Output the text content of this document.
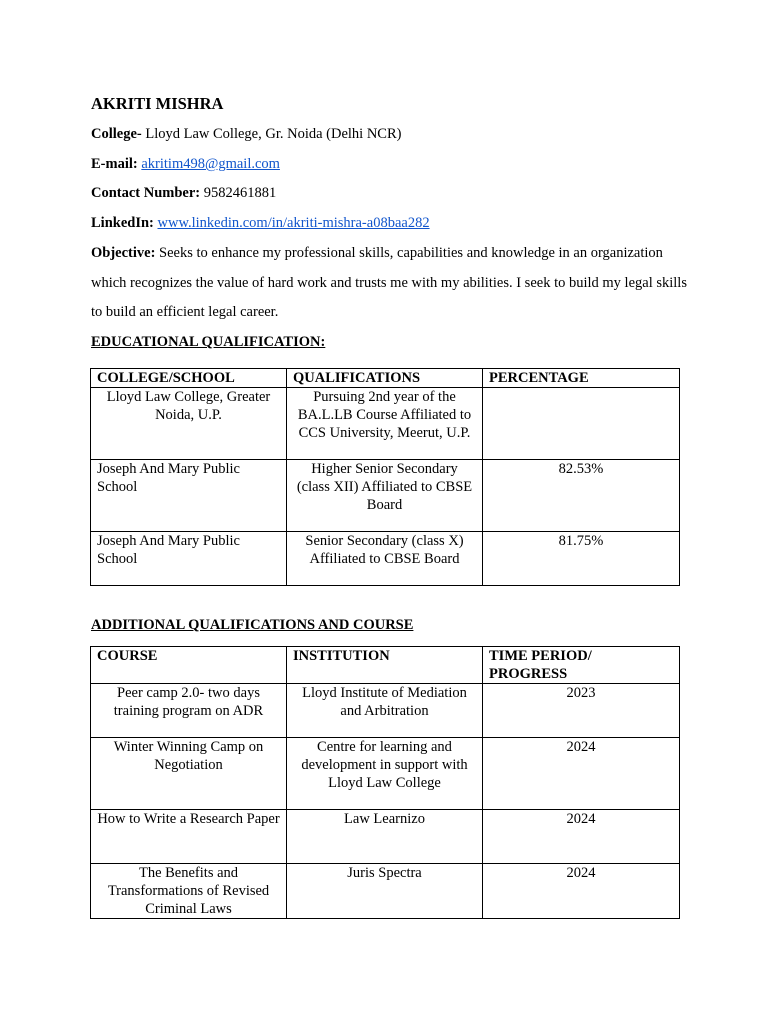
AKRITI MISHRA
College- Lloyd Law College, Gr. Noida (Delhi NCR)
E-mail: akritim498@gmail.com
Contact Number: 9582461881
LinkedIn: www.linkedin.com/in/akriti-mishra-a08baa282
Objective: Seeks to enhance my professional skills, capabilities and knowledge in an organization which recognizes the value of hard work and trusts me with my abilities. I seek to build my legal skills to build an efficient legal career.
EDUCATIONAL QUALIFICATION:
COLLEGE/SCHOOL	QUALIFICATIONS	PERCENTAGE
Lloyd Law College, Greater Noida, U.P.	Pursuing 2nd year of the BA.L.LB Course Affiliated to CCS University, Meerut, U.P.	
Joseph And Mary Public School	Higher Senior Secondary (class XII) Affiliated to CBSE Board	82.53%
Joseph And Mary Public School	Senior Secondary (class X) Affiliated to CBSE Board	81.75%
ADDITIONAL QUALIFICATIONS AND COURSE
COURSE	INSTITUTION	TIME PERIOD/ PROGRESS
Peer camp 2.0- two days training program on ADR	Lloyd Institute of Mediation and Arbitration	2023
Winter Winning Camp on Negotiation	Centre for learning and development in support with Lloyd Law College	2024
How to Write a Research Paper	Law Learnizo	2024
The Benefits and Transformations of Revised Criminal Laws	Juris Spectra	2024
